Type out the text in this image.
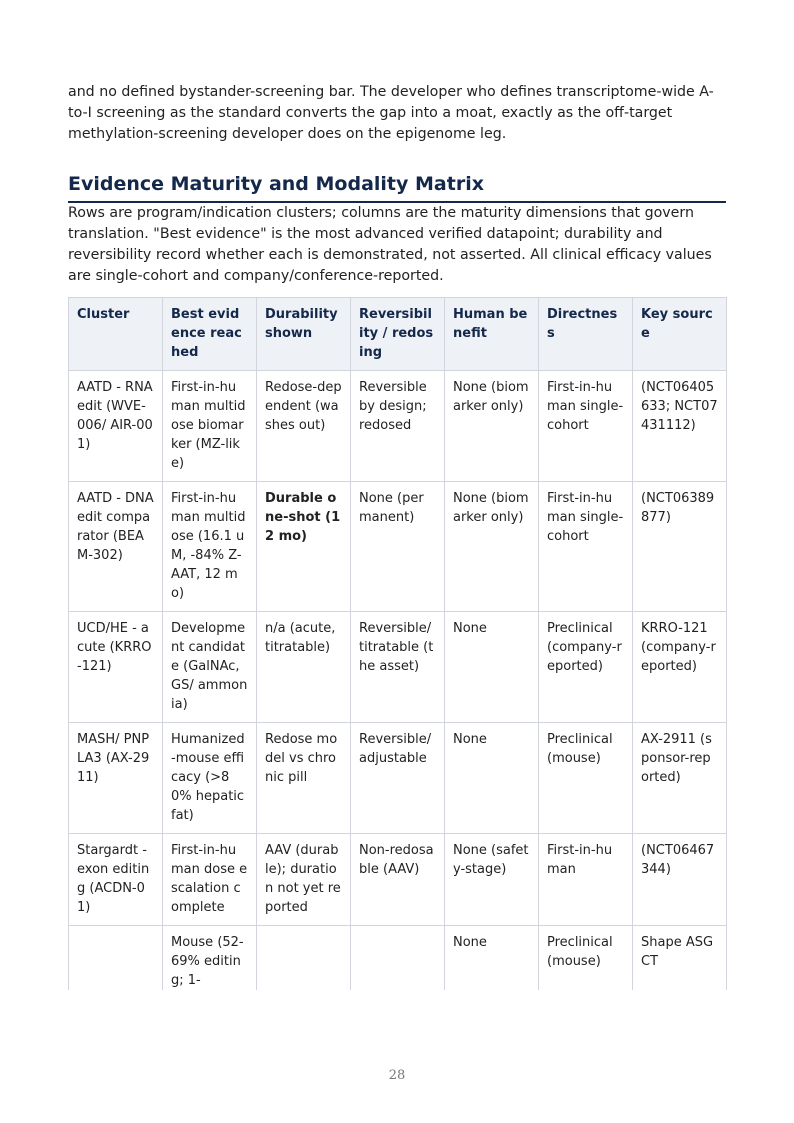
and no defined bystander-screening bar. The developer who defines transcriptome-wide A-to-I screening as the standard converts the gap into a moat, exactly as the off-target methylation-screening developer does on the epigenome leg.

Evidence Maturity and Modality Matrix

Rows are program/indication clusters; columns are the maturity dimensions that govern translation. "Best evidence" is the most advanced verified datapoint; durability and reversibility record whether each is demonstrated, not asserted. All clinical efficacy values are single-cohort and company/conference-reported.

Cluster	Best evidence reached	Durability shown	Reversibility / redosing	Human benefit	Directness	Key source
AATD - RNA edit (WVE-006/ AIR-001)	First-in-human multidose biomarker (MZ-like)	Redose-dependent (washes out)	Reversible by design; redosed	None (biomarker only)	First-in-human single-cohort	(NCT06405633; NCT07431112)
AATD - DNA edit comparator (BEAM-302)	First-in-human multidose (16.1 uM, -84% Z-AAT, 12 mo)	Durable one-shot (12 mo)	None (permanent)	None (biomarker only)	First-in-human single-cohort	(NCT06389877)
UCD/HE - acute (KRRO-121)	Development candidate (GalNAc, GS/ ammonia)	n/a (acute, titratable)	Reversible/ titratable (the asset)	None	Preclinical (company-reported)	KRRO-121 (company-reported)
MASH/ PNPLA3 (AX-2911)	Humanized-mouse efficacy (>80% hepatic fat)	Redose model vs chronic pill	Reversible/ adjustable	None	Preclinical (mouse)	AX-2911 (sponsor-reported)
Stargardt - exon editing (ACDN-01)	First-in-human dose escalation complete	AAV (durable); duration not yet reported	Non-redosable (AAV)	None (safety-stage)	First-in-human	(NCT06467344)
	Mouse (52-69% editing; 1-			None	Preclinical (mouse)	Shape ASGCT
28
